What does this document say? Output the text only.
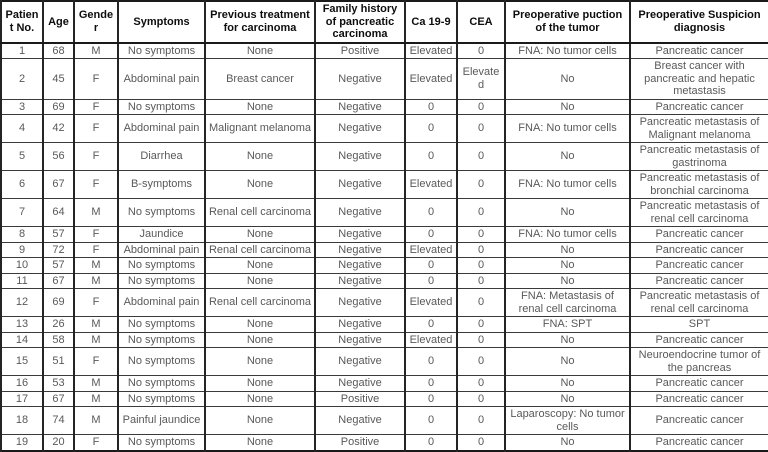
Patient No.	Age	Gender	Symptoms	Previous treatment for carcinoma	Family history of pancreatic carcinoma	Ca 19-9	CEA	Preoperative puction of the tumor	Preoperative Suspicion diagnosis
1	68	M	No symptoms	None	Positive	Elevated	0	FNA: No tumor cells	Pancreatic cancer
2	45	F	Abdominal pain	Breast cancer	Negative	Elevated	Elevated	No	Breast cancer with pancreatic and hepatic metastasis
3	69	F	No symptoms	None	Negative	0	0	No	Pancreatic cancer
4	42	F	Abdominal pain	Malignant melanoma	Negative	0	0	FNA: No tumor cells	Pancreatic metastasis of Malignant melanoma
5	56	F	Diarrhea	None	Negative	0	0	No	Pancreatic metastasis of gastrinoma
6	67	F	B-symptoms	None	Negative	Elevated	0	FNA: No tumor cells	Pancreatic metastasis of bronchial carcinoma
7	64	M	No symptoms	Renal cell carcinoma	Negative	0	0	No	Pancreatic metastasis of renal cell carcinoma
8	57	F	Jaundice	None	Negative	0	0	FNA: No tumor cells	Pancreatic cancer
9	72	F	Abdominal pain	Renal cell carcinoma	Negative	Elevated	0	No	Pancreatic cancer
10	57	M	No symptoms	None	Negative	0	0	No	Pancreatic cancer
11	67	M	No symptoms	None	Negative	0	0	No	Pancreatic cancer
12	69	F	Abdominal pain	Renal cell carcinoma	Negative	Elevated	0	FNA: Metastasis of renal cell carcinoma	Pancreatic metastasis of renal cell carcinoma
13	26	M	No symptoms	None	Negative	0	0	FNA: SPT	SPT
14	58	M	No symptoms	None	Negative	Elevated	0	No	Pancreatic cancer
15	51	F	No symptoms	None	Negative	0	0	No	Neuroendocrine tumor of the pancreas
16	53	M	No symptoms	None	Negative	0	0	No	Pancreatic cancer
17	67	M	No symptoms	None	Positive	0	0	No	Pancreatic cancer
18	74	M	Painful jaundice	None	Negative	0	0	Laparoscopy: No tumor cells	Pancreatic cancer
19	20	F	No symptoms	None	Positive	0	0	No	Pancreatic cancer
